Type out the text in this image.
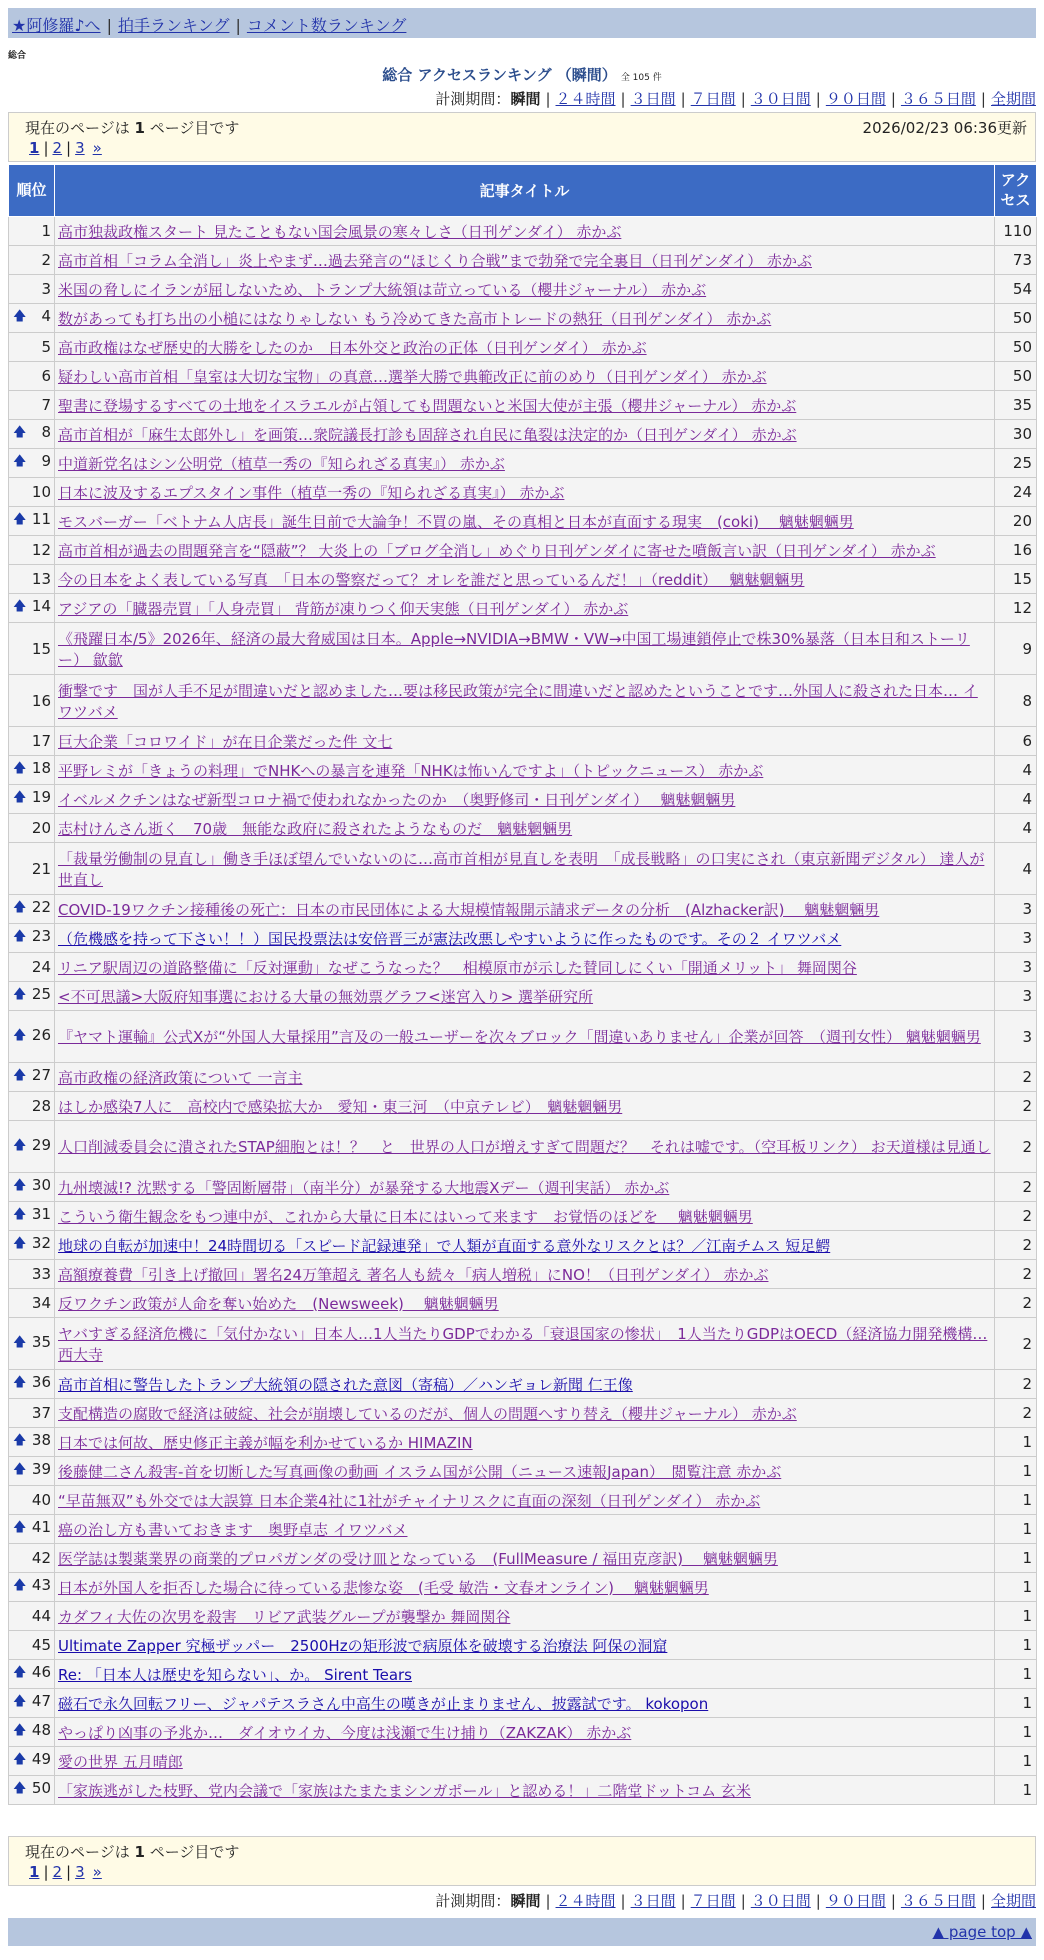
★阿修羅♪へ | 拍手ランキング | コメント数ランキング
総合
総合 アクセスランキング （瞬間） 全 105 件
計測期間：瞬間 | ２４時間 | ３日間 | ７日間 | ３０日間 | ９０日間 | ３６５日間 | 全期間
現在のページは 1 ページ目です	2026/02/23 06:36更新
1 | 2 | 3 »
順位	記事タイトル	アクセス
1	高市独裁政権スタート 見たこともない国会風景の寒々しさ（日刊ゲンダイ） 赤かぶ	110
2	高市首相「コラム全消し」炎上やまず…過去発言の“ほじくり合戦”まで勃発で完全裏目（日刊ゲンダイ） 赤かぶ	73
3	米国の脅しにイランが屈しないため、トランプ大統領は苛立っている（櫻井ジャーナル） 赤かぶ	54

🡅 4	数があっても打ち出の小槌にはなりゃしない もう冷めてきた高市トレードの熱狂（日刊ゲンダイ） 赤かぶ	50
5	高市政権はなぜ歴史的大勝をしたのか　日本外交と政治の正体（日刊ゲンダイ） 赤かぶ	50
6	疑わしい高市首相「皇室は大切な宝物」の真意…選挙大勝で典範改正に前のめり（日刊ゲンダイ） 赤かぶ	50
7	聖書に登場するすべての土地をイスラエルが占領しても問題ないと米国大使が主張（櫻井ジャーナル） 赤かぶ	35

🡅 8	高市首相が「麻生太郎外し」を画策…衆院議長打診も固辞され自民に亀裂は決定的か（日刊ゲンダイ） 赤かぶ	30

🡅 9	中道新党名はシン公明党（植草一秀の『知られざる真実』） 赤かぶ	25
10	日本に波及するエプスタイン事件（植草一秀の『知られざる真実』） 赤かぶ	24

🡅 11	モスバーガー「ベトナム人店長」誕生目前で大論争！不買の嵐、その真相と日本が直面する現実　(coki)　 魑魅魍魎男	20
12	高市首相が過去の問題発言を“隠蔽”？ 大炎上の「ブログ全消し」めぐり日刊ゲンダイに寄せた噴飯言い訳（日刊ゲンダイ） 赤かぶ	16
13	今の日本をよく表している写真　「日本の警察だって？オレを誰だと思っているんだ！」（reddit）　 魑魅魍魎男	15

🡅 14	アジアの「臓器売買」「人身売買」 背筋が凍りつく仰天実態（日刊ゲンダイ） 赤かぶ	12
15	《飛躍日本/5》2026年、経済の最大脅威国は日本。Apple→NVIDIA→BMW・VW→中国工場連鎖停止で株30%暴落（日本日和ストーリー） 歙歙	9
16	衝撃です　国が人手不足が間違いだと認めました…要は移民政策が完全に間違いだと認めたということです…外国人に殺された日本… イワツバメ	8
17	巨大企業「コロワイド」が在日企業だった件 文七	6

🡅 18	平野レミが「きょうの料理」でNHKへの暴言を連発「NHKは怖いんですよ」（トピックニュース） 赤かぶ	4

🡅 19	イベルメクチンはなぜ新型コロナ禍で使われなかったのか　（奥野修司・日刊ゲンダイ）　 魑魅魍魎男	4
20	志村けんさん逝く　70歳　無能な政府に殺されたようなものだ　魑魅魍魎男	4
21	「裁量労働制の見直し」働き手ほぼ望んでいないのに…高市首相が見直しを表明　「成長戦略」の口実にされ（東京新聞デジタル） 達人が世直し	4

🡅 22	COVID-19ワクチン接種後の死亡：日本の市民団体による大規模情報開示請求データの分析　(Alzhacker訳)　 魑魅魍魎男	3

🡅 23	（危機感を持って下さい！！）国民投票法は安倍晋三が憲法改悪しやすいように作ったものです。その２ イワツバメ	3
24	リニア駅周辺の道路整備に「反対運動」なぜこうなった？　相模原市が示した賛同しにくい「開通メリット」 舞岡関谷	3

🡅 25	<不可思議>大阪府知事選における大量の無効票グラフ<迷宮入り> 選挙研究所	3

🡅 26	『ヤマト運輸』公式Xが“外国人大量採用”言及の一般ユーザーを次々ブロック「間違いありません」企業が回答　（週刊女性） 魑魅魍魎男	3

🡅 27	高市政権の経済政策について 一言主	2
28	はしか感染7人に　高校内で感染拡大か　愛知・東三河　（中京テレビ）　魑魅魍魎男	2

🡅 29	人口削減委員会に潰されたSTAP細胞とは！？　と　世界の人口が増えすぎて問題だ？　それは嘘です。（空耳板リンク） お天道様は見通し	2

🡅 30	九州壊滅!? 沈黙する「警固断層帯」（南半分）が暴発する大地震Xデー（週刊実話） 赤かぶ	2

🡅 31	こういう衛生観念をもつ連中が、これから大量に日本にはいって来ます　お覚悟のほどを　 魑魅魍魎男	2

🡅 32	地球の自転が加速中！24時間切る「スピード記録連発」で人類が直面する意外なリスクとは？／江南チムス 短足鰐	2
33	高額療養費「引き上げ撤回」署名24万筆超え 著名人も続々「病人増税」にNO！（日刊ゲンダイ） 赤かぶ	2
34	反ワクチン政策が人命を奪い始めた　(Newsweek)　 魑魅魍魎男	2

🡅 35	ヤバすぎる経済危機に「気付かない」日本人…1人当たりGDPでわかる「衰退国家の惨状」　1人当たりGDPはOECD（経済協力開発機構… 西大寺	2

🡅 36	高市首相に警告したトランプ大統領の隠された意図（寄稿）／ハンギョレ新聞 仁王像	2
37	支配構造の腐敗で経済は破綻、社会が崩壊しているのだが、個人の問題へすり替え（櫻井ジャーナル） 赤かぶ	2

🡅 38	日本では何故、歴史修正主義が幅を利かせているか HIMAZIN	1

🡅 39	後藤健二さん殺害-首を切断した写真画像の動画 イスラム国が公開（ニュース速報Japan）　閲覧注意 赤かぶ	1
40	“早苗無双”も外交では大誤算 日本企業4社に1社がチャイナリスクに直面の深刻（日刊ゲンダイ） 赤かぶ	1

🡅 41	癌の治し方も書いておきます　奥野卓志 イワツバメ	1
42	医学誌は製薬業界の商業的プロパガンダの受け皿となっている　(FullMeasure / 福田克彦訳)　 魑魅魍魎男	1

🡅 43	日本が外国人を拒否した場合に待っている悲惨な姿　(毛受 敏浩・文春オンライン)　 魑魅魍魎男	1
44	カダフィ大佐の次男を殺害　リビア武装グループが襲撃か 舞岡関谷	1
45	Ultimate Zapper 究極ザッパー　2500Hzの矩形波で病原体を破壊する治療法 阿保の洞窟	1

🡅 46	Re: 「日本人は歴史を知らない」、か。 Sirent Tears	1

🡅 47	磁石で永久回転フリー、ジャパテスラさん中高生の嘆きが止まりません、披露試です。 kokopon	1

🡅 48	やっぱり凶事の予兆か…　ダイオウイカ、今度は浅瀬で生け捕り（ZAKZAK） 赤かぶ	1

🡅 49	愛の世界 五月晴郎	1

🡅 50	「家族逃がした枝野、党内会議で「家族はたまたまシンガポール」と認める！」二階堂ドットコム 玄米	1
現在のページは 1 ページ目です
1 | 2 | 3 »
計測期間：瞬間 | ２４時間 | ３日間 | ７日間 | ３０日間 | ９０日間 | ３６５日間 | 全期間
▲ page top ▲
